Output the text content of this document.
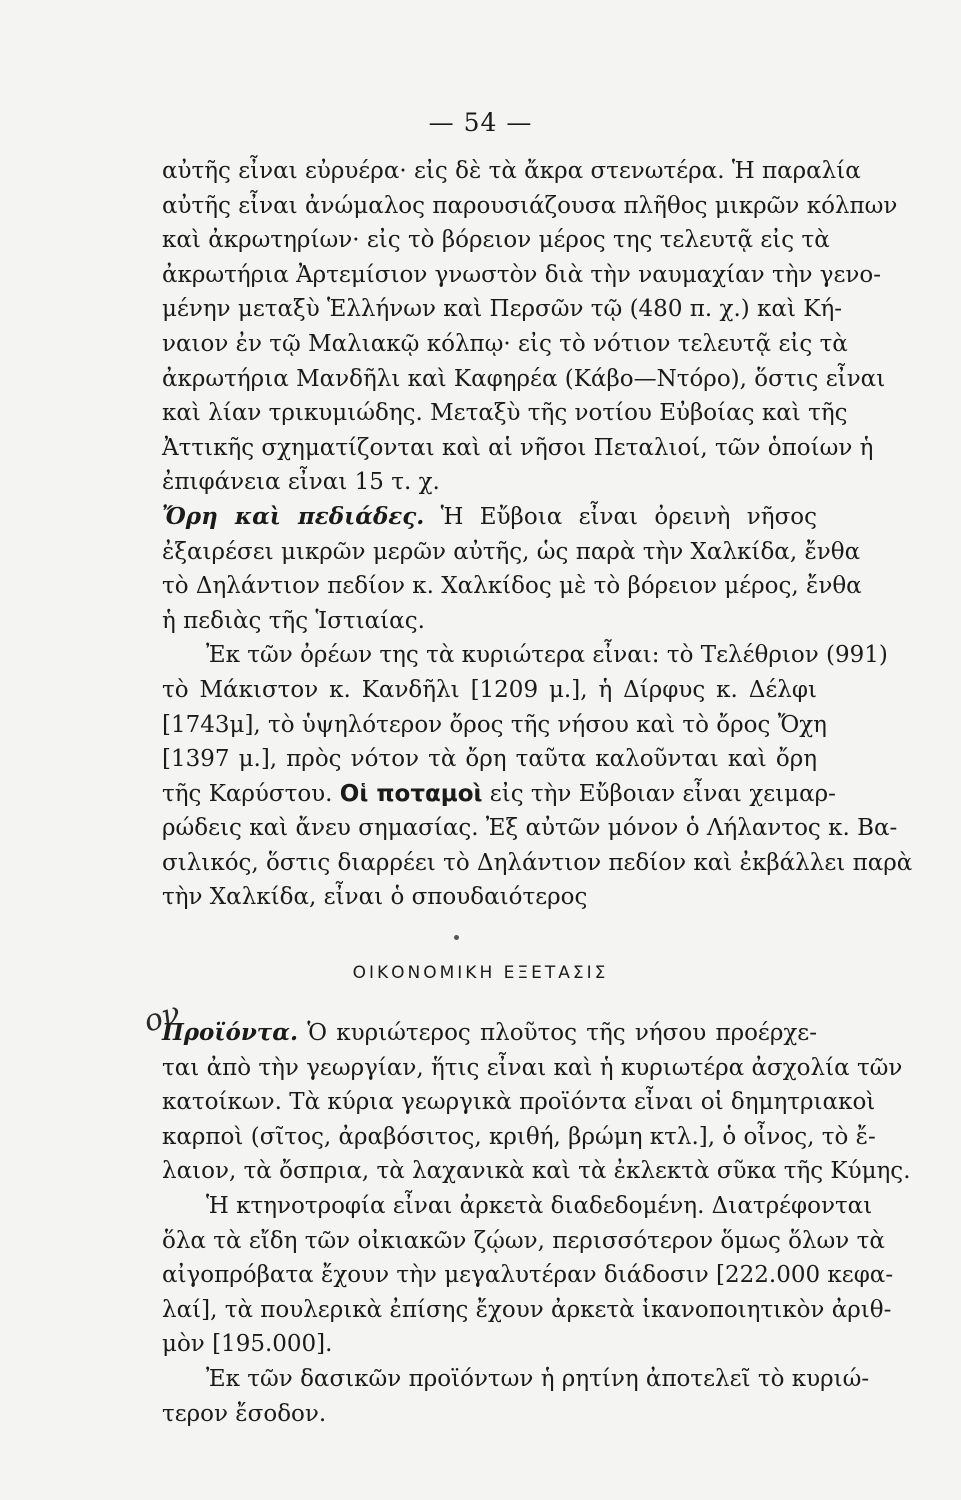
— 54 —
αὐτῆς εἶναι εὐρυέρα· εἰς δὲ τὰ ἄκρα στενωτέρα. Ἡ παραλία
αὐτῆς εἶναι ἀνώμαλος παρουσιάζουσα πλῆθος μικρῶν κόλπων
καὶ ἀκρωτηρίων· εἰς τὸ βόρειον μέρος της τελευτᾷ εἰς τὰ
ἀκρωτήρια Ἀρτεμίσιον γνωστὸν διὰ τὴν ναυμαχίαν τὴν γενο-
μένην μεταξὺ Ἑλλήνων καὶ Περσῶν τῷ (480 π. χ.) καὶ Κή-
ναιον ἐν τῷ Μαλιακῷ κόλπῳ· εἰς τὸ νότιον τελευτᾷ εἰς τὰ
ἀκρωτήρια Μανδῆλι καὶ Καφηρέα (Κάβο—Ντόρο), ὅστις εἶναι
καὶ λίαν τρικυμιώδης. Μεταξὺ τῆς νοτίου Εὐβοίας καὶ τῆς
Ἀττικῆς σχηματίζονται καὶ αἱ νῆσοι Πεταλιοί, τῶν ὁποίων ἡ
ἐπιφάνεια εἶναι 15 τ. χ.
Ὄρη καὶ πεδιάδες. Ἡ Εὔβοια εἶναι ὀρεινὴ νῆσος
ἐξαιρέσει μικρῶν μερῶν αὐτῆς, ὡς παρὰ τὴν Χαλκίδα, ἔνθα
τὸ Δηλάντιον πεδίον κ. Χαλκίδος μὲ τὸ βόρειον μέρος, ἔνθα
ἡ πεδιὰς τῆς Ἱστιαίας.
Ἐκ τῶν ὀρέων της τὰ κυριώτερα εἶναι: τὸ Τελέθριον (991)
τὸ Μάκιστον κ. Κανδῆλι [1209 μ.], ἡ Δίρφυς κ. Δέλφι
[1743μ], τὸ ὑψηλότερον ὄρος τῆς νήσου καὶ τὸ ὄρος Ὄχη
[1397 μ.], πρὸς νότον τὰ ὄρη ταῦτα καλοῦνται καὶ ὄρη
τῆς Καρύστου. Οἱ ποταμοὶ εἰς τὴν Εὔβοιαν εἶναι χειμαρ-
ρώδεις καὶ ἄνευ σημασίας. Ἐξ αὐτῶν μόνον ὁ Λήλαντος κ. Βα-
σιλικός, ὅστις διαρρέει τὸ Δηλάντιον πεδίον καὶ ἐκβάλλει παρὰ
τὴν Χαλκίδα, εἶναι ὁ σπουδαιότερος
ΟΙΚΟΝΟΜΙΚΗ ΕΞΕΤΑΣΙΣ
ον
Προϊόντα. Ὁ κυριώτερος πλοῦτος τῆς νήσου προέρχε-
ται ἀπὸ τὴν γεωργίαν, ἥτις εἶναι καὶ ἡ κυριωτέρα ἀσχολία τῶν
κατοίκων. Τὰ κύρια γεωργικὰ προϊόντα εἶναι οἱ δημητριακοὶ
καρποὶ (σῖτος, ἀραβόσιτος, κριθή, βρώμη κτλ.], ὁ οἶνος, τὸ ἔ-
λαιον, τὰ ὄσπρια, τὰ λαχανικὰ καὶ τὰ ἐκλεκτὰ σῦκα τῆς Κύμης.
Ἡ κτηνοτροφία εἶναι ἀρκετὰ διαδεδομένη. Διατρέφονται
ὅλα τὰ εἴδη τῶν οἰκιακῶν ζῴων, περισσότερον ὅμως ὅλων τὰ
αἰγοπρόβατα ἔχουν τὴν μεγαλυτέραν διάδοσιν [222.000 κεφα-
λαί], τὰ πουλερικὰ ἐπίσης ἔχουν ἀρκετὰ ἱκανοποιητικὸν ἀριθ-
μὸν [195.000].
Ἐκ τῶν δασικῶν προϊόντων ἡ ρητίνη ἀποτελεῖ τὸ κυριώ-
τερον ἔσοδον.
